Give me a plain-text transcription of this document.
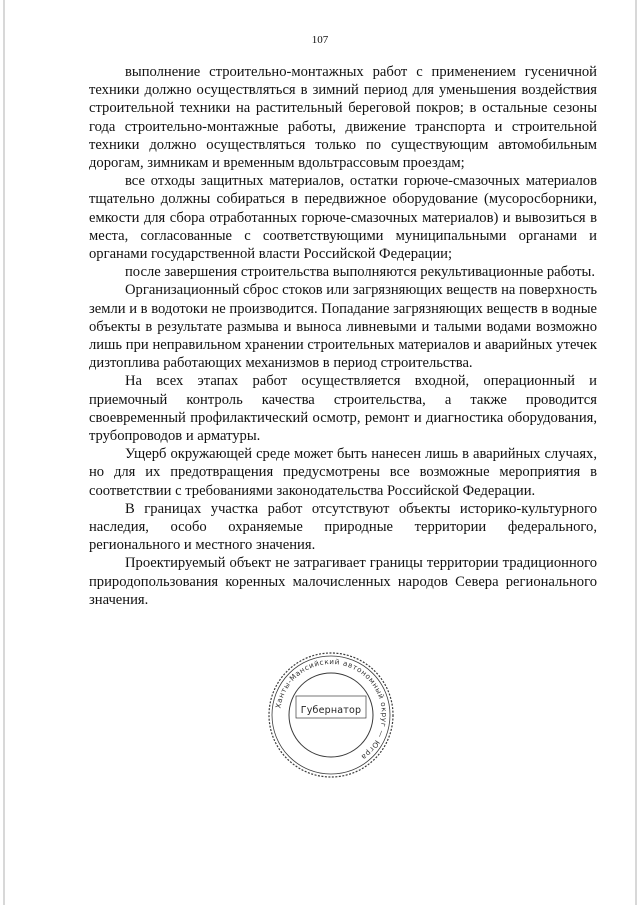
107

выполнение строительно-монтажных работ с применением гусеничной техники должно осуществляться в зимний период для уменьшения воздействия строительной техники на растительный береговой покров; в остальные сезоны года строительно-монтажные работы, движение транспорта и строительной техники должно осуществляться только по существующим автомобильным дорогам, зимникам и временным вдольтрассовым проездам;

все отходы защитных материалов, остатки горюче-смазочных материалов тщательно должны собираться в передвижное оборудование (мусоросборники, емкости для сбора отработанных горюче-смазочных материалов) и вывозиться в места, согласованные с соответствующими муниципальными органами и органами государственной власти Российской Федерации;

после завершения строительства выполняются рекультивационные работы.

Организационный сброс стоков или загрязняющих веществ на поверхность земли и в водотоки не производится. Попадание загрязняющих веществ в водные объекты в результате размыва и выноса ливневыми и талыми водами возможно лишь при неправильном хранении строительных материалов и аварийных утечек дизтоплива работающих механизмов в период строительства.

На всех этапах работ осуществляется входной, операционный и приемочный контроль качества строительства, а также проводится своевременный профилактический осмотр, ремонт и диагностика оборудования, трубопроводов и арматуры.

Ущерб окружающей среде может быть нанесен лишь в аварийных случаях, но для их предотвращения предусмотрены все возможные мероприятия в соответствии с требованиями законодательства Российской Федерации.

В границах участка работ отсутствуют объекты историко-культурного наследия, особо охраняемые природные территории федерального, регионального и местного значения.

Проектируемый объект не затрагивает границы территории традиционного природопользования коренных малочисленных народов Севера регионального значения.

Ханты-Мансийский автономный округ — Югра
Губернатор
